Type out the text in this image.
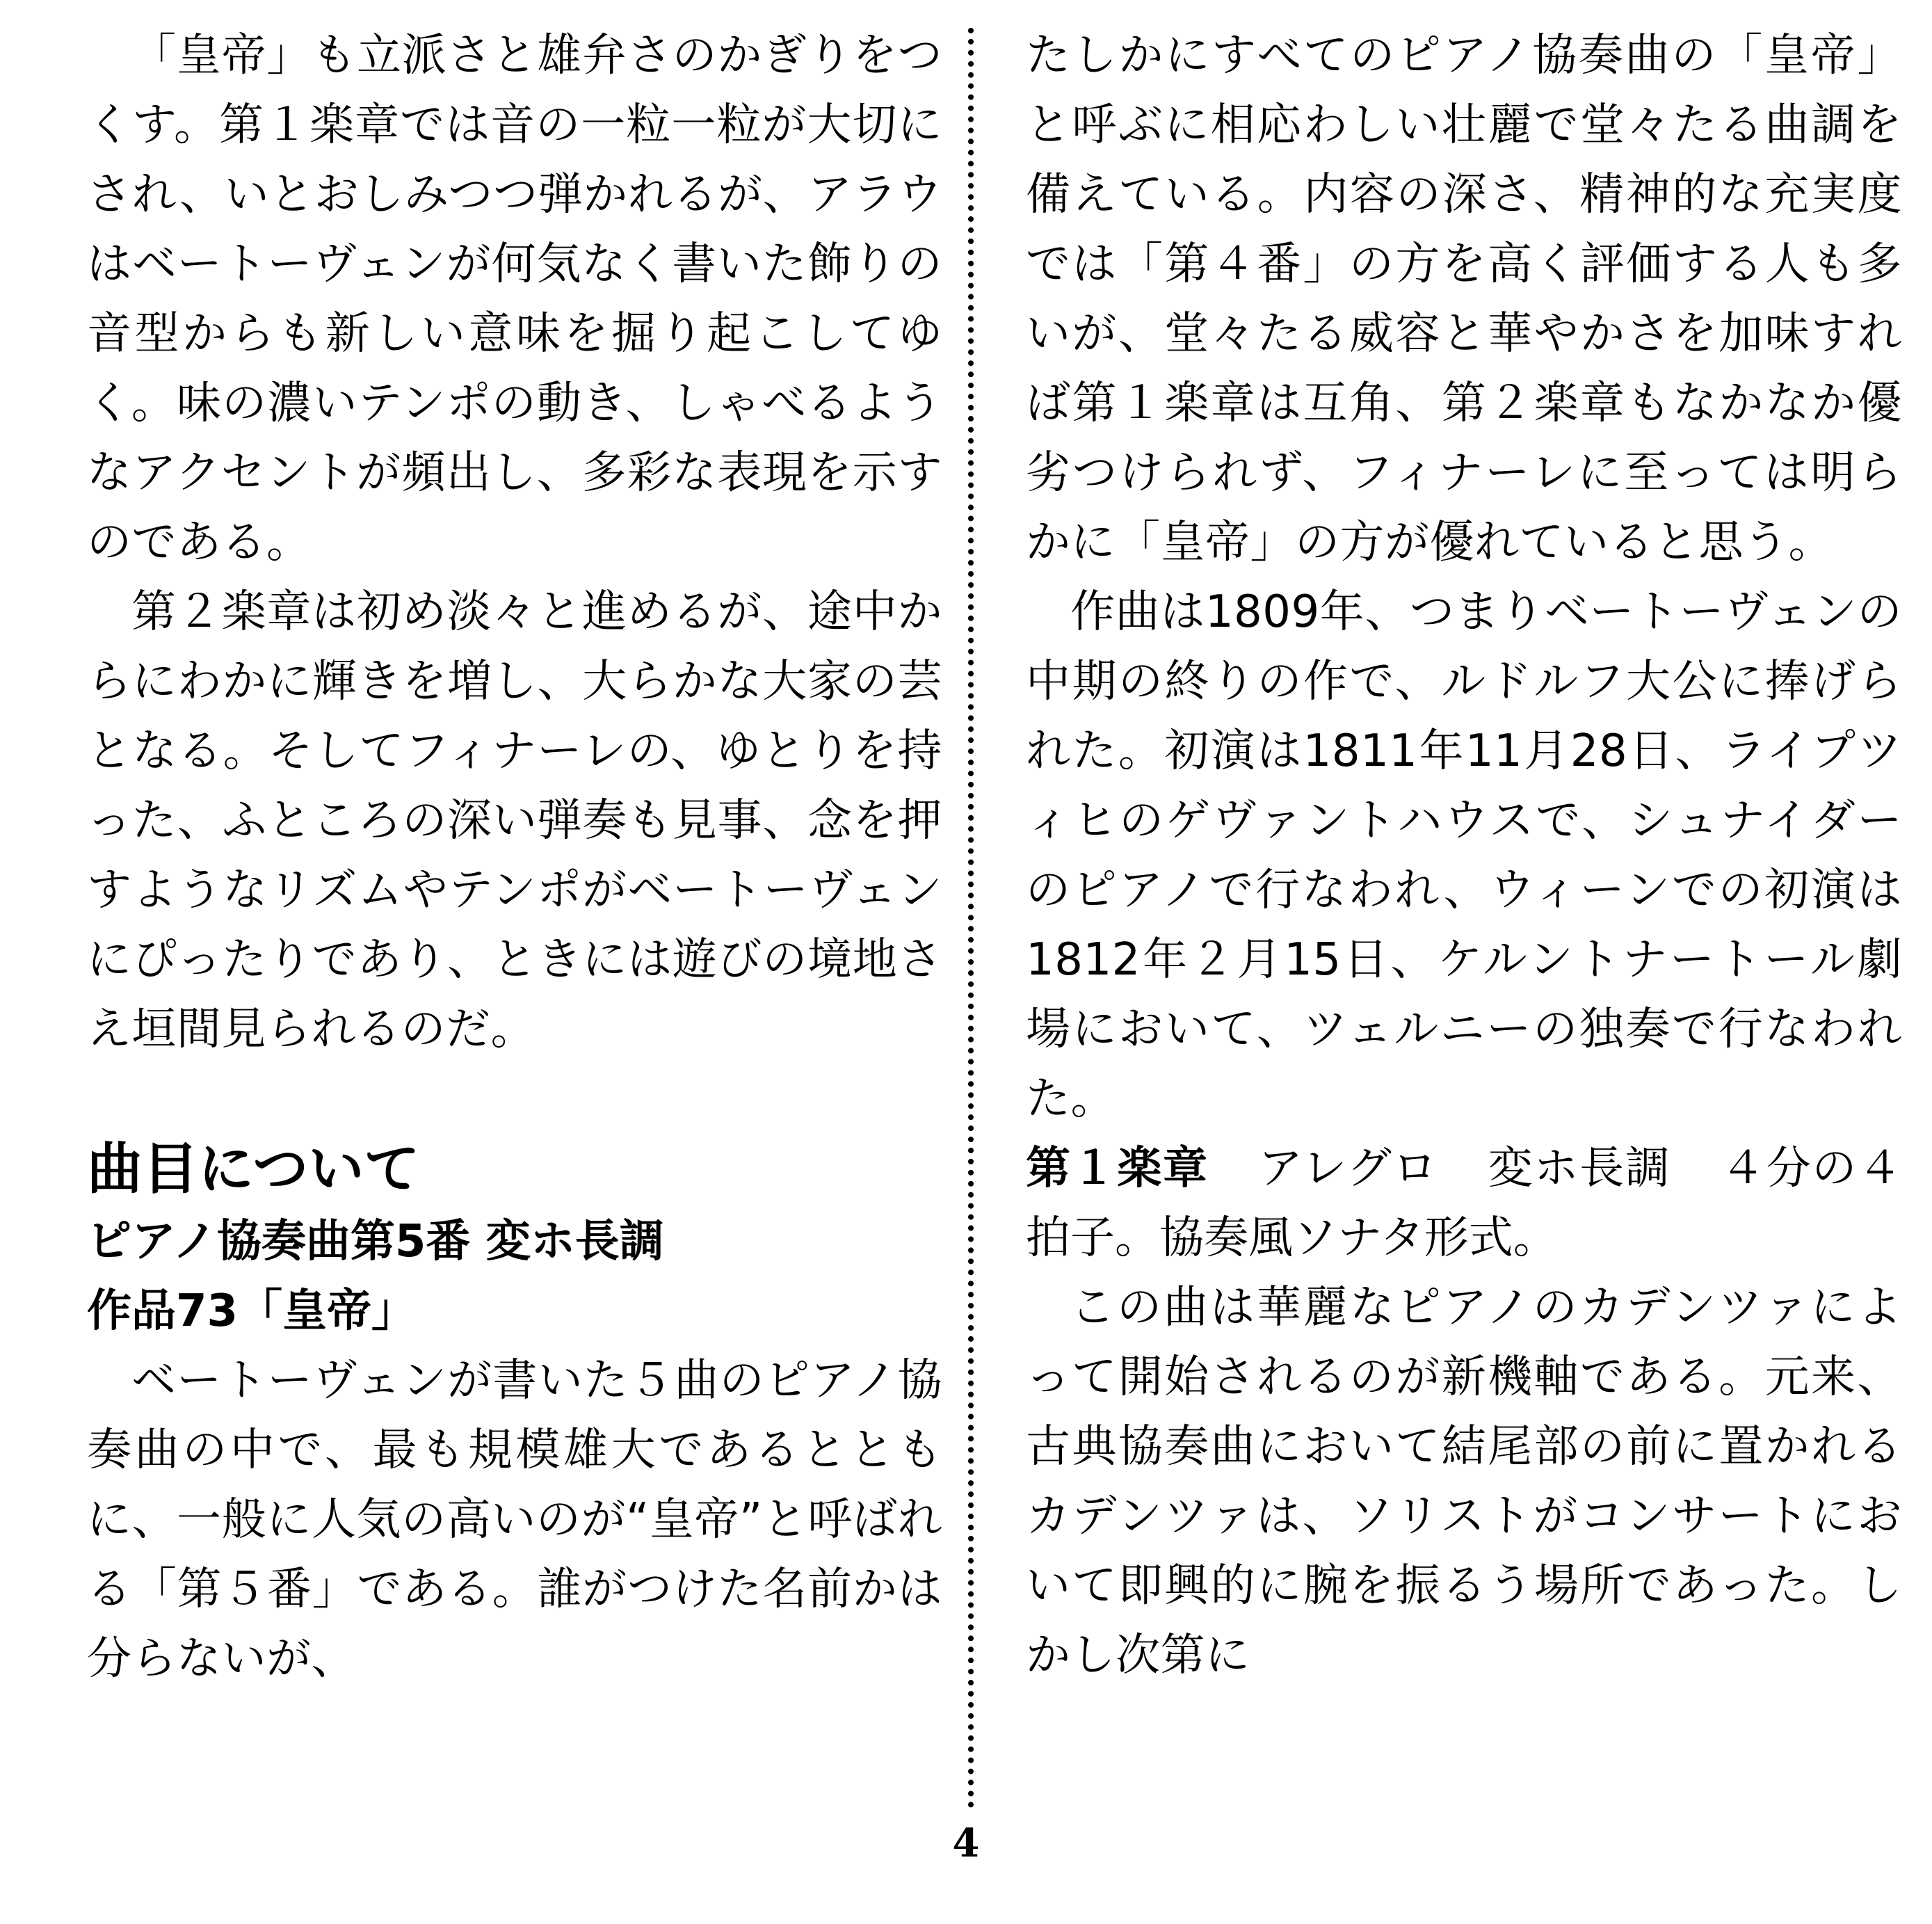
「皇帝」も立派さと雄弁さのかぎりをつくす。第１楽章では音の一粒一粒が大切にされ、いとおしみつつ弾かれるが、アラウはベートーヴェンが何気なく書いた飾りの音型からも新しい意味を掘り起こしてゆく。味の濃いテンポの動き、しゃべるようなアクセントが頻出し、多彩な表現を示すのである。

第２楽章は初め淡々と進めるが、途中からにわかに輝きを増し、大らかな大家の芸となる。そしてフィナーレの、ゆとりを持った、ふところの深い弾奏も見事、念を押すようなリズムやテンポがベートーヴェンにぴったりであり、ときには遊びの境地さえ垣間見られるのだ。

曲目について
ピアノ協奏曲第5番 変ホ長調
作品73「皇帝」

ベートーヴェンが書いた５曲のピアノ協奏曲の中で、最も規模雄大であるとともに、一般に人気の高いのが“皇帝”と呼ばれる「第５番」である。誰がつけた名前かは分らないが、

たしかにすべてのピアノ協奏曲の「皇帝」と呼ぶに相応わしい壮麗で堂々たる曲調を備えている。内容の深さ、精神的な充実度では「第４番」の方を高く評価する人も多いが、堂々たる威容と華やかさを加味すれば第１楽章は互角、第２楽章もなかなか優劣つけられず、フィナーレに至っては明らかに「皇帝」の方が優れていると思う。

作曲は1809年、つまりベートーヴェンの中期の終りの作で、ルドルフ大公に捧げられた。初演は1811年11月28日、ライプツィヒのゲヴァントハウスで、シュナイダーのピアノで行なわれ、ウィーンでの初演は1812年２月15日、ケルントナートール劇場において、ツェルニーの独奏で行なわれた。

第１楽章 アレグロ 変ホ長調 ４分の４拍子。協奏風ソナタ形式。

この曲は華麗なピアノのカデンツァによって開始されるのが新機軸である。元来、古典協奏曲において結尾部の前に置かれるカデンツァは、ソリストがコンサートにおいて即興的に腕を振るう場所であった。しかし次第に

4
